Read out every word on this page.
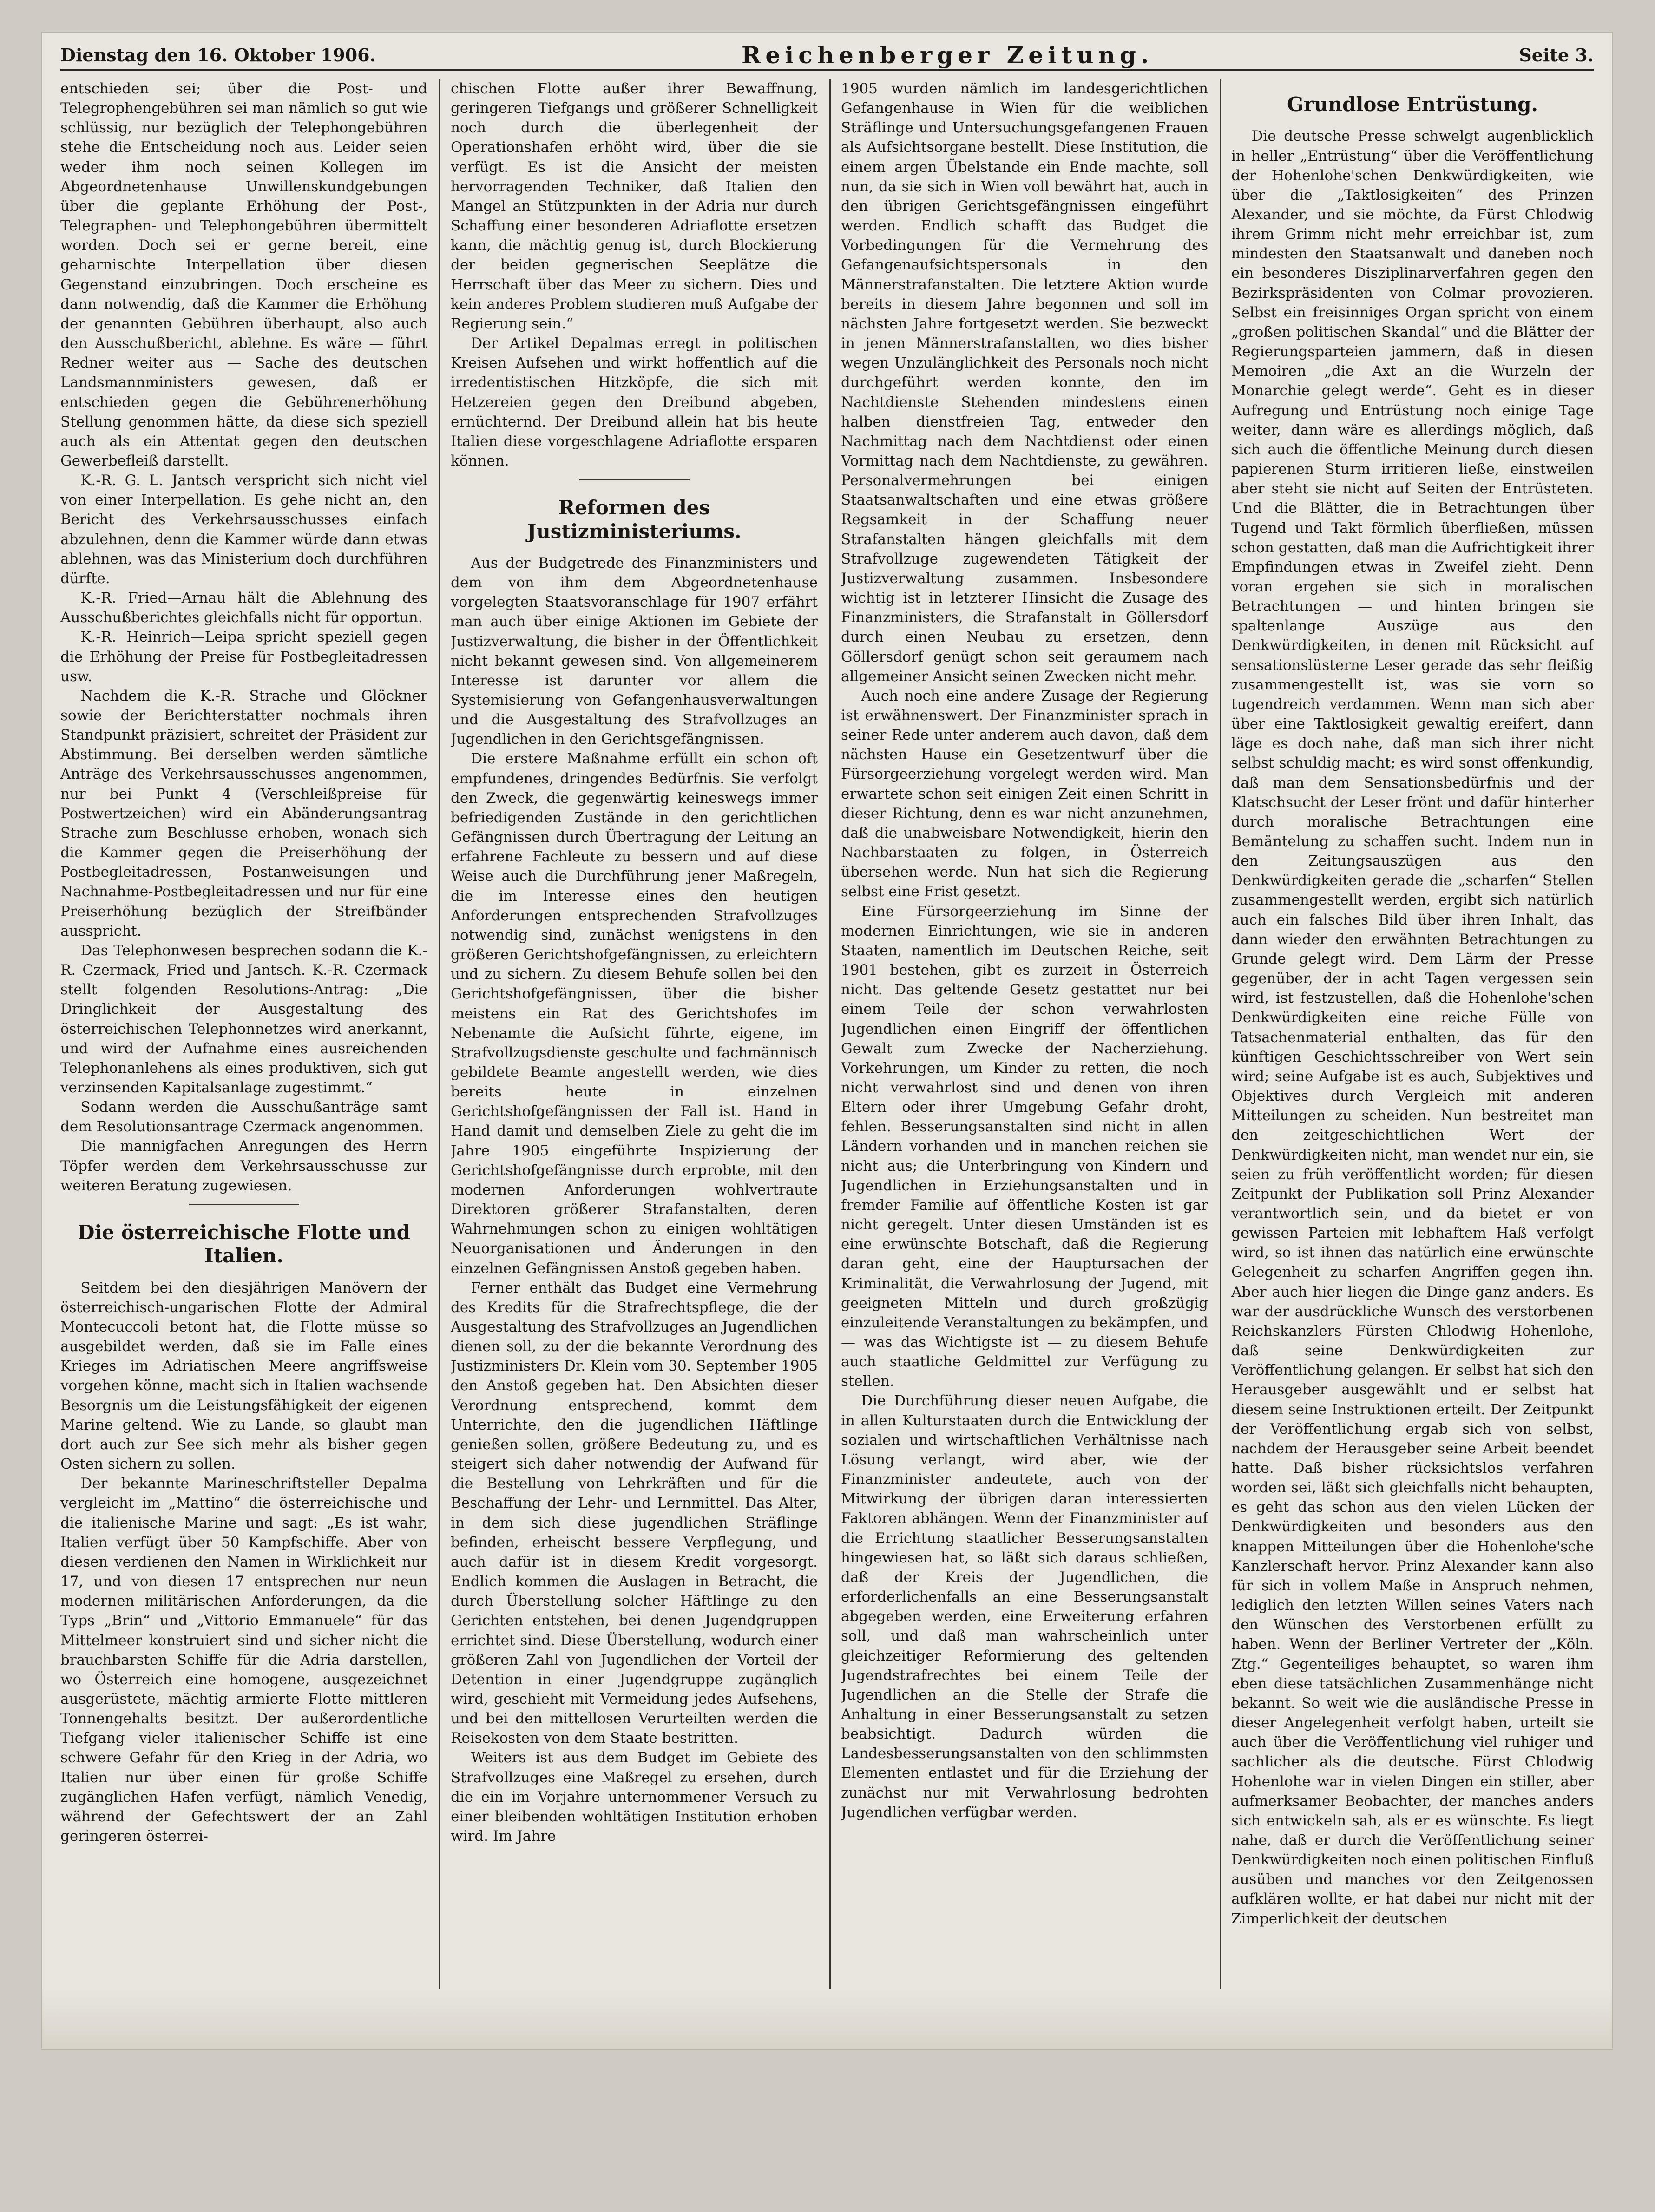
Dienstag den 16. Oktober 1906.	Reichenberger Zeitung.	Seite 3.

entschieden sei; über die Post- und Telegrophengebühren sei man nämlich so gut wie schlüssig, nur bezüglich der Telephongebühren stehe die Entscheidung noch aus. Leider seien weder ihm noch seinen Kollegen im Abgeordnetenhause Unwillenskundgebungen über die geplante Erhöhung der Post-, Telegraphen- und Telephongebühren übermittelt worden. Doch sei er gerne bereit, eine geharnischte Interpellation über diesen Gegenstand einzubringen. Doch erscheine es dann notwendig, daß die Kammer die Erhöhung der genannten Gebühren überhaupt, also auch den Ausschußbericht, ablehne. Es wäre — führt Redner weiter aus — Sache des deutschen Landsmannministers gewesen, daß er entschieden gegen die Gebührenerhöhung Stellung genommen hätte, da diese sich speziell auch als ein Attentat gegen den deutschen Gewerbefleiß darstellt.

K.-R. G. L. Jantsch verspricht sich nicht viel von einer Interpellation. Es gehe nicht an, den Bericht des Verkehrsausschusses einfach abzulehnen, denn die Kammer würde dann etwas ablehnen, was das Ministerium doch durchführen dürfte.

K.-R. Fried—Arnau hält die Ablehnung des Ausschußberichtes gleichfalls nicht für opportun.

K.-R. Heinrich—Leipa spricht speziell gegen die Erhöhung der Preise für Postbegleitadressen usw.

Nachdem die K.-R. Strache und Glöckner sowie der Berichterstatter nochmals ihren Standpunkt präzisiert, schreitet der Präsident zur Abstimmung. Bei derselben werden sämtliche Anträge des Verkehrsausschusses angenommen, nur bei Punkt 4 (Verschleißpreise für Postwertzeichen) wird ein Abänderungsantrag Strache zum Beschlusse erhoben, wonach sich die Kammer gegen die Preiserhöhung der Postbegleitadressen, Postanweisungen und Nachnahme-Postbegleitadressen und nur für eine Preiserhöhung bezüglich der Streifbänder ausspricht.

Das Telephonwesen besprechen sodann die K.-R. Czermack, Fried und Jantsch. K.-R. Czermack stellt folgenden Resolutions-Antrag: „Die Dringlichkeit der Ausgestaltung des österreichischen Telephonnetzes wird anerkannt, und wird der Aufnahme eines ausreichenden Telephonanlehens als eines produktiven, sich gut verzinsenden Kapitalsanlage zugestimmt.“

Sodann werden die Ausschußanträge samt dem Resolutionsantrage Czermack angenommen.

Die mannigfachen Anregungen des Herrn Töpfer werden dem Verkehrsausschusse zur weiteren Beratung zugewiesen.

Die österreichische Flotte und Italien.

Seitdem bei den diesjährigen Manövern der österreichisch-ungarischen Flotte der Admiral Montecuccoli betont hat, die Flotte müsse so ausgebildet werden, daß sie im Falle eines Krieges im Adriatischen Meere angriffsweise vorgehen könne, macht sich in Italien wachsende Besorgnis um die Leistungsfähigkeit der eigenen Marine geltend. Wie zu Lande, so glaubt man dort auch zur See sich mehr als bisher gegen Osten sichern zu sollen.

Der bekannte Marineschriftsteller Depalma vergleicht im „Mattino“ die österreichische und die italienische Marine und sagt: „Es ist wahr, Italien verfügt über 50 Kampfschiffe. Aber von diesen verdienen den Namen in Wirklichkeit nur 17, und von diesen 17 entsprechen nur neun modernen militärischen Anforderungen, da die Typs „Brin“ und „Vittorio Emmanuele“ für das Mittelmeer konstruiert sind und sicher nicht die brauchbarsten Schiffe für die Adria darstellen, wo Österreich eine homogene, ausgezeichnet ausgerüstete, mächtig armierte Flotte mittleren Tonnengehalts besitzt. Der außerordentliche Tiefgang vieler italienischer Schiffe ist eine schwere Gefahr für den Krieg in der Adria, wo Italien nur über einen für große Schiffe zugänglichen Hafen verfügt, nämlich Venedig, während der Gefechtswert der an Zahl geringeren österrei-

chischen Flotte außer ihrer Bewaffnung, geringeren Tiefgangs und größerer Schnelligkeit noch durch die überlegenheit der Operationshafen erhöht wird, über die sie verfügt. Es ist die Ansicht der meisten hervorragenden Techniker, daß Italien den Mangel an Stützpunkten in der Adria nur durch Schaffung einer besonderen Adriaflotte ersetzen kann, die mächtig genug ist, durch Blockierung der beiden gegnerischen Seeplätze die Herrschaft über das Meer zu sichern. Dies und kein anderes Problem studieren muß Aufgabe der Regierung sein.“

Der Artikel Depalmas erregt in politischen Kreisen Aufsehen und wirkt hoffentlich auf die irredentistischen Hitzköpfe, die sich mit Hetzereien gegen den Dreibund abgeben, ernüchternd. Der Dreibund allein hat bis heute Italien diese vorgeschlagene Adriaflotte ersparen können.

Reformen des Justizministeriums.

Aus der Budgetrede des Finanzministers und dem von ihm dem Abgeordnetenhause vorgelegten Staatsvoranschlage für 1907 erfährt man auch über einige Aktionen im Gebiete der Justizverwaltung, die bisher in der Öffentlichkeit nicht bekannt gewesen sind. Von allgemeinerem Interesse ist darunter vor allem die Systemisierung von Gefangenhausverwaltungen und die Ausgestaltung des Strafvollzuges an Jugendlichen in den Gerichtsgefängnissen.

Die erstere Maßnahme erfüllt ein schon oft empfundenes, dringendes Bedürfnis. Sie verfolgt den Zweck, die gegenwärtig keineswegs immer befriedigenden Zustände in den gerichtlichen Gefängnissen durch Übertragung der Leitung an erfahrene Fachleute zu bessern und auf diese Weise auch die Durchführung jener Maßregeln, die im Interesse eines den heutigen Anforderungen entsprechenden Strafvollzuges notwendig sind, zunächst wenigstens in den größeren Gerichtshofgefängnissen, zu erleichtern und zu sichern. Zu diesem Behufe sollen bei den Gerichtshofgefängnissen, über die bisher meistens ein Rat des Gerichtshofes im Nebenamte die Aufsicht führte, eigene, im Strafvollzugsdienste geschulte und fachmännisch gebildete Beamte angestellt werden, wie dies bereits heute in einzelnen Gerichtshofgefängnissen der Fall ist. Hand in Hand damit und demselben Ziele zu geht die im Jahre 1905 eingeführte Inspizierung der Gerichtshofgefängnisse durch erprobte, mit den modernen Anforderungen wohlvertraute Direktoren größerer Strafanstalten, deren Wahrnehmungen schon zu einigen wohltätigen Neuorganisationen und Änderungen in den einzelnen Gefängnissen Anstoß gegeben haben.

Ferner enthält das Budget eine Vermehrung des Kredits für die Strafrechtspflege, die der Ausgestaltung des Strafvollzuges an Jugendlichen dienen soll, zu der die bekannte Verordnung des Justizministers Dr. Klein vom 30. September 1905 den Anstoß gegeben hat. Den Absichten dieser Verordnung entsprechend, kommt dem Unterrichte, den die jugendlichen Häftlinge genießen sollen, größere Bedeutung zu, und es steigert sich daher notwendig der Aufwand für die Bestellung von Lehrkräften und für die Beschaffung der Lehr- und Lernmittel. Das Alter, in dem sich diese jugendlichen Sträflinge befinden, erheischt bessere Verpflegung, und auch dafür ist in diesem Kredit vorgesorgt. Endlich kommen die Auslagen in Betracht, die durch Überstellung solcher Häftlinge zu den Gerichten entstehen, bei denen Jugendgruppen errichtet sind. Diese Überstellung, wodurch einer größeren Zahl von Jugendlichen der Vorteil der Detention in einer Jugendgruppe zugänglich wird, geschieht mit Vermeidung jedes Aufsehens, und bei den mittellosen Verurteilten werden die Reisekosten von dem Staate bestritten.

Weiters ist aus dem Budget im Gebiete des Strafvollzuges eine Maßregel zu ersehen, durch die ein im Vorjahre unternommener Versuch zu einer bleibenden wohltätigen Institution erhoben wird. Im Jahre

1905 wurden nämlich im landesgerichtlichen Gefangenhause in Wien für die weiblichen Sträflinge und Untersuchungsgefangenen Frauen als Aufsichtsorgane bestellt. Diese Institution, die einem argen Übelstande ein Ende machte, soll nun, da sie sich in Wien voll bewährt hat, auch in den übrigen Gerichtsgefängnissen eingeführt werden. Endlich schafft das Budget die Vorbedingungen für die Vermehrung des Gefangenaufsichtspersonals in den Männerstrafanstalten. Die letztere Aktion wurde bereits in diesem Jahre begonnen und soll im nächsten Jahre fortgesetzt werden. Sie bezweckt in jenen Männerstrafanstalten, wo dies bisher wegen Unzulänglichkeit des Personals noch nicht durchgeführt werden konnte, den im Nachtdienste Stehenden mindestens einen halben dienstfreien Tag, entweder den Nachmittag nach dem Nachtdienst oder einen Vormittag nach dem Nachtdienste, zu gewähren. Personalvermehrungen bei einigen Staatsanwaltschaften und eine etwas größere Regsamkeit in der Schaffung neuer Strafanstalten hängen gleichfalls mit dem Strafvollzuge zugewendeten Tätigkeit der Justizverwaltung zusammen. Insbesondere wichtig ist in letzterer Hinsicht die Zusage des Finanzministers, die Strafanstalt in Göllersdorf durch einen Neubau zu ersetzen, denn Göllersdorf genügt schon seit geraumem nach allgemeiner Ansicht seinen Zwecken nicht mehr.

Auch noch eine andere Zusage der Regierung ist erwähnenswert. Der Finanzminister sprach in seiner Rede unter anderem auch davon, daß dem nächsten Hause ein Gesetzentwurf über die Fürsorgeerziehung vorgelegt werden wird. Man erwartete schon seit einigen Zeit einen Schritt in dieser Richtung, denn es war nicht anzunehmen, daß die unabweisbare Notwendigkeit, hierin den Nachbarstaaten zu folgen, in Österreich übersehen werde. Nun hat sich die Regierung selbst eine Frist gesetzt.

Eine Fürsorgeerziehung im Sinne der modernen Einrichtungen, wie sie in anderen Staaten, namentlich im Deutschen Reiche, seit 1901 bestehen, gibt es zurzeit in Österreich nicht. Das geltende Gesetz gestattet nur bei einem Teile der schon verwahrlosten Jugendlichen einen Eingriff der öffentlichen Gewalt zum Zwecke der Nacherziehung. Vorkehrungen, um Kinder zu retten, die noch nicht verwahrlost sind und denen von ihren Eltern oder ihrer Umgebung Gefahr droht, fehlen. Besserungsanstalten sind nicht in allen Ländern vorhanden und in manchen reichen sie nicht aus; die Unterbringung von Kindern und Jugendlichen in Erziehungsanstalten und in fremder Familie auf öffentliche Kosten ist gar nicht geregelt. Unter diesen Umständen ist es eine erwünschte Botschaft, daß die Regierung daran geht, eine der Hauptursachen der Kriminalität, die Verwahrlosung der Jugend, mit geeigneten Mitteln und durch großzügig einzuleitende Veranstaltungen zu bekämpfen, und — was das Wichtigste ist — zu diesem Behufe auch staatliche Geldmittel zur Verfügung zu stellen.

Die Durchführung dieser neuen Aufgabe, die in allen Kulturstaaten durch die Entwicklung der sozialen und wirtschaftlichen Verhältnisse nach Lösung verlangt, wird aber, wie der Finanzminister andeutete, auch von der Mitwirkung der übrigen daran interessierten Faktoren abhängen. Wenn der Finanzminister auf die Errichtung staatlicher Besserungsanstalten hingewiesen hat, so läßt sich daraus schließen, daß der Kreis der Jugendlichen, die erforderlichenfalls an eine Besserungsanstalt abgegeben werden, eine Erweiterung erfahren soll, und daß man wahrscheinlich unter gleichzeitiger Reformierung des geltenden Jugendstrafrechtes bei einem Teile der Jugendlichen an die Stelle der Strafe die Anhaltung in einer Besserungsanstalt zu setzen beabsichtigt. Dadurch würden die Landesbesserungsanstalten von den schlimmsten Elementen entlastet und für die Erziehung der zunächst nur mit Verwahrlosung bedrohten Jugendlichen verfügbar werden.

Grundlose Entrüstung.

Die deutsche Presse schwelgt augenblicklich in heller „Entrüstung“ über die Veröffentlichung der Hohenlohe'schen Denkwürdigkeiten, wie über die „Taktlosigkeiten“ des Prinzen Alexander, und sie möchte, da Fürst Chlodwig ihrem Grimm nicht mehr erreichbar ist, zum mindesten den Staatsanwalt und daneben noch ein besonderes Disziplinarverfahren gegen den Bezirkspräsidenten von Colmar provozieren. Selbst ein freisinniges Organ spricht von einem „großen politischen Skandal“ und die Blätter der Regierungsparteien jammern, daß in diesen Memoiren „die Axt an die Wurzeln der Monarchie gelegt werde“. Geht es in dieser Aufregung und Entrüstung noch einige Tage weiter, dann wäre es allerdings möglich, daß sich auch die öffentliche Meinung durch diesen papierenen Sturm irritieren ließe, einstweilen aber steht sie nicht auf Seiten der Entrüsteten. Und die Blätter, die in Betrachtungen über Tugend und Takt förmlich überfließen, müssen schon gestatten, daß man die Aufrichtigkeit ihrer Empfindungen etwas in Zweifel zieht. Denn voran ergehen sie sich in moralischen Betrachtungen — und hinten bringen sie spaltenlange Auszüge aus den Denkwürdigkeiten, in denen mit Rücksicht auf sensationslüsterne Leser gerade das sehr fleißig zusammengestellt ist, was sie vorn so tugendreich verdammen. Wenn man sich aber über eine Taktlosigkeit gewaltig ereifert, dann läge es doch nahe, daß man sich ihrer nicht selbst schuldig macht; es wird sonst offenkundig, daß man dem Sensationsbedürfnis und der Klatschsucht der Leser frönt und dafür hinterher durch moralische Betrachtungen eine Bemäntelung zu schaffen sucht. Indem nun in den Zeitungsauszügen aus den Denkwürdigkeiten gerade die „scharfen“ Stellen zusammengestellt werden, ergibt sich natürlich auch ein falsches Bild über ihren Inhalt, das dann wieder den erwähnten Betrachtungen zu Grunde gelegt wird. Dem Lärm der Presse gegenüber, der in acht Tagen vergessen sein wird, ist festzustellen, daß die Hohenlohe'schen Denkwürdigkeiten eine reiche Fülle von Tatsachenmaterial enthalten, das für den künftigen Geschichtsschreiber von Wert sein wird; seine Aufgabe ist es auch, Subjektives und Objektives durch Vergleich mit anderen Mitteilungen zu scheiden. Nun bestreitet man den zeitgeschichtlichen Wert der Denkwürdigkeiten nicht, man wendet nur ein, sie seien zu früh veröffentlicht worden; für diesen Zeitpunkt der Publikation soll Prinz Alexander verantwortlich sein, und da bietet er von gewissen Parteien mit lebhaftem Haß verfolgt wird, so ist ihnen das natürlich eine erwünschte Gelegenheit zu scharfen Angriffen gegen ihn. Aber auch hier liegen die Dinge ganz anders. Es war der ausdrückliche Wunsch des verstorbenen Reichskanzlers Fürsten Chlodwig Hohenlohe, daß seine Denkwürdigkeiten zur Veröffentlichung gelangen. Er selbst hat sich den Herausgeber ausgewählt und er selbst hat diesem seine Instruktionen erteilt. Der Zeitpunkt der Veröffentlichung ergab sich von selbst, nachdem der Herausgeber seine Arbeit beendet hatte. Daß bisher rücksichtslos verfahren worden sei, läßt sich gleichfalls nicht behaupten, es geht das schon aus den vielen Lücken der Denkwürdigkeiten und besonders aus den knappen Mitteilungen über die Hohenlohe'sche Kanzlerschaft hervor. Prinz Alexander kann also für sich in vollem Maße in Anspruch nehmen, lediglich den letzten Willen seines Vaters nach den Wünschen des Verstorbenen erfüllt zu haben. Wenn der Berliner Vertreter der „Köln. Ztg.“ Gegenteiliges behauptet, so waren ihm eben diese tatsächlichen Zusammenhänge nicht bekannt. So weit wie die ausländische Presse in dieser Angelegenheit verfolgt haben, urteilt sie auch über die Veröffentlichung viel ruhiger und sachlicher als die deutsche. Fürst Chlodwig Hohenlohe war in vielen Dingen ein stiller, aber aufmerksamer Beobachter, der manches anders sich entwickeln sah, als er es wünschte. Es liegt nahe, daß er durch die Veröffentlichung seiner Denkwürdigkeiten noch einen politischen Einfluß ausüben und manches vor den Zeitgenossen aufklären wollte, er hat dabei nur nicht mit der Zimperlichkeit der deutschen
